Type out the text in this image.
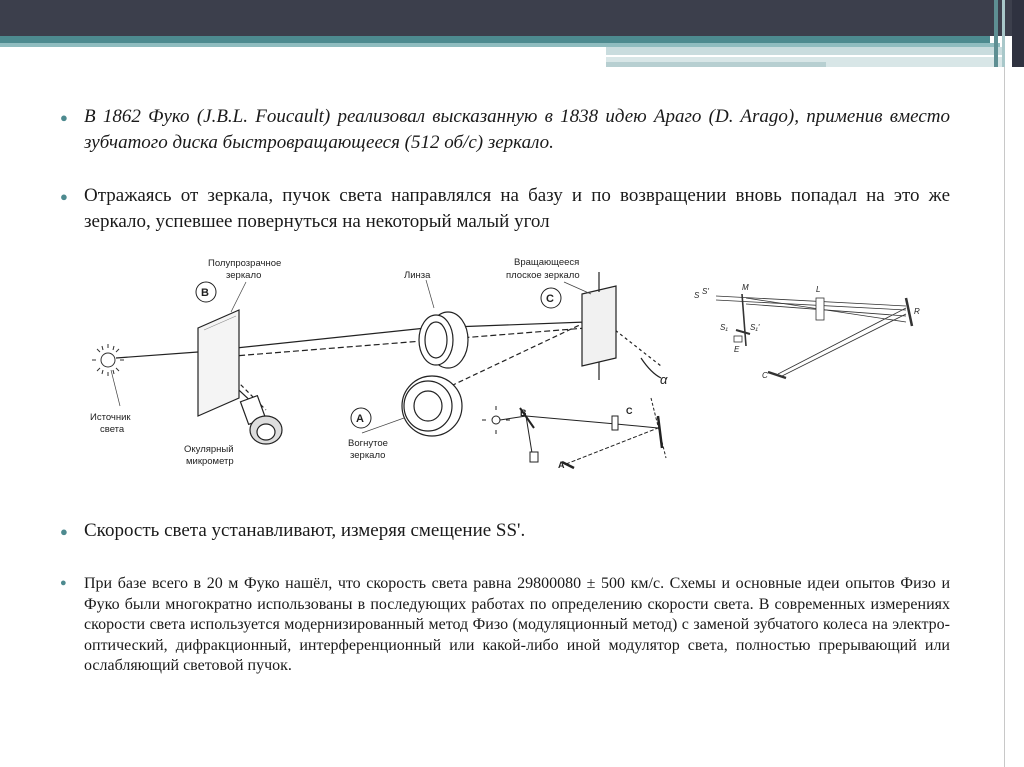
● В 1862 Фуко (J.B.L. Foucault) реализовал высказанную в 1838 идею Араго (D. Arago), применив вместо зубчатого диска быстровращающееся (512 об/с) зеркало.
● Отражаясь от зеркала, пучок света направлялся на базу и по возвращении вновь попадал на это же зеркало, успевшее повернуться на некоторый малый угол
B	C
A
Полупрозрачное
зеркало	Линза
Вращающееся
плоское зеркало
Источник
света
Окулярный
микрометр
Вогнутое
зеркало
α
B	C
A
S S'	M	L
R
S₁	S₁'
E
C
● Скорость света устанавливают, измеряя смещение SS'.
● При базе всего в 20 м Фуко нашёл, что скорость света равна 29800080 ± 500 км/с. Схемы и основные идеи опытов Физо и Фуко были многократно использованы в последующих работах по определению скорости света. В современных измерениях скорости света используется модернизированный метод Физо (модуляционный метод) с заменой зубчатого колеса на электро-оптический, дифракционный, интерференционный или какой-либо иной модулятор света, полностью прерывающий или ослабляющий световой пучок.
